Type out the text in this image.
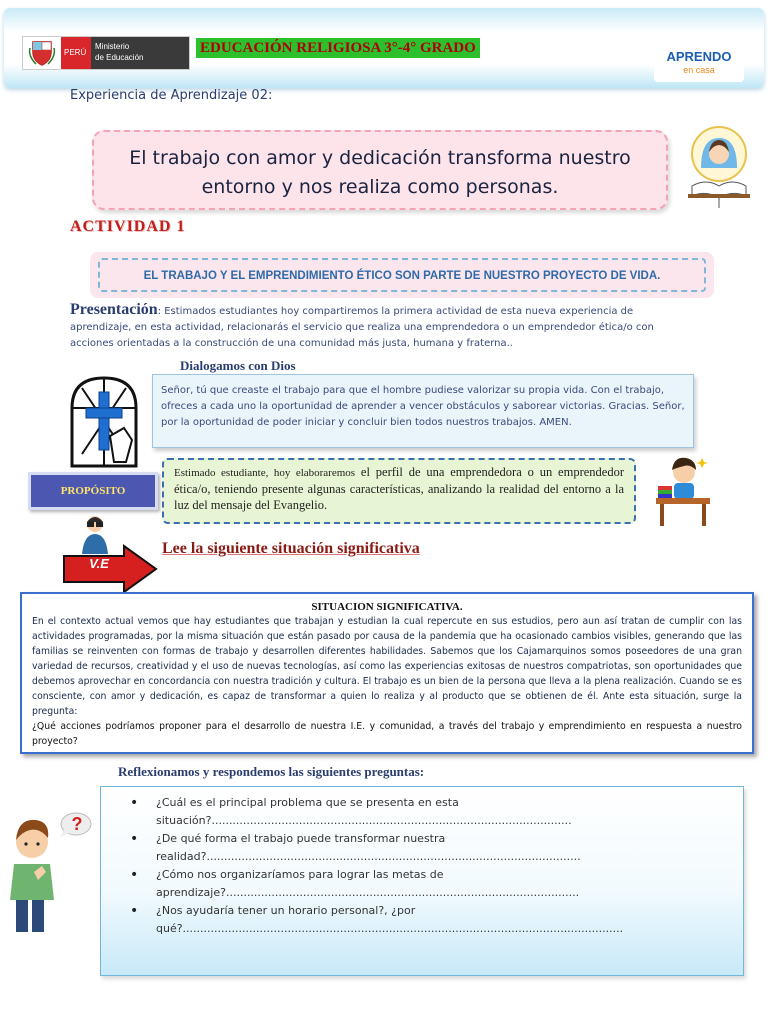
PERÚ
Ministerio
de Educación
EDUCACIÓN RELIGIOSA 3°-4° GRADO
APRENDO
en casa
Experiencia de Aprendizaje 02:
El trabajo con amor y dedicación transforma nuestro entorno y nos realiza como personas.
ACTIVIDAD 1
EL TRABAJO Y EL EMPRENDIMIENTO ÉTICO SON PARTE DE NUESTRO PROYECTO DE VIDA.
Presentación: Estimados estudiantes hoy compartiremos la primera actividad de esta nueva experiencia de aprendizaje, en esta actividad, relacionarás el servicio que realiza una emprendedora o un emprendedor ética/o con acciones orientadas a la construcción de una comunidad más justa, humana y fraterna..
Dialogamos con Dios
Señor, tú que creaste el trabajo para que el hombre pudiese valorizar su propia vida. Con el trabajo, ofreces a cada uno la oportunidad de aprender a vencer obstáculos y saborear victorias. Gracias. Señor, por la oportunidad de poder iniciar y concluir bien todos nuestros trabajos. AMEN.
PROPÓSITO
Estimado estudiante, hoy elaboraremos el perfil de una emprendedora o un emprendedor ética/o, teniendo presente algunas características, analizando la realidad del entorno a la luz del mensaje del Evangelio.
V.E
Lee la siguiente situación significativa
SITUACION SIGNIFICATIVA.
En el contexto actual vemos que hay estudiantes que trabajan y estudian la cual repercute en sus estudios, pero aun así tratan de cumplir con las actividades programadas, por la misma situación que están pasado por causa de la pandemia que ha ocasionado cambios visibles, generando que las familias se reinventen con formas de trabajo y desarrollen diferentes habilidades. Sabemos que los Cajamarquinos somos poseedores de una gran variedad de recursos, creatividad y el uso de nuevas tecnologías, así como las experiencias exitosas de nuestros compatriotas, son oportunidades que debemos aprovechar en concordancia con nuestra tradición y cultura. El trabajo es un bien de la persona que lleva a la plena realización. Cuando se es consciente, con amor y dedicación, es capaz de transformar a quien lo realiza y al producto que se obtienen de él. Ante esta situación, surge la pregunta:
¿Qué acciones podríamos proponer para el desarrollo de nuestra I.E. y comunidad, a través del trabajo y emprendimiento en respuesta a nuestro proyecto?
Reflexionamos y respondemos las siguientes preguntas:
• ¿Cuál es el principal problema que se presenta en esta situación?.......................................................................................................
• ¿De qué forma el trabajo puede transformar nuestra realidad?...........................................................................................................
• ¿Cómo nos organizaríamos para lograr las metas de aprendizaje?.....................................................................................................
• ¿Nos ayudaría tener un horario personal?, ¿por qué?..............................................................................................................................
?
